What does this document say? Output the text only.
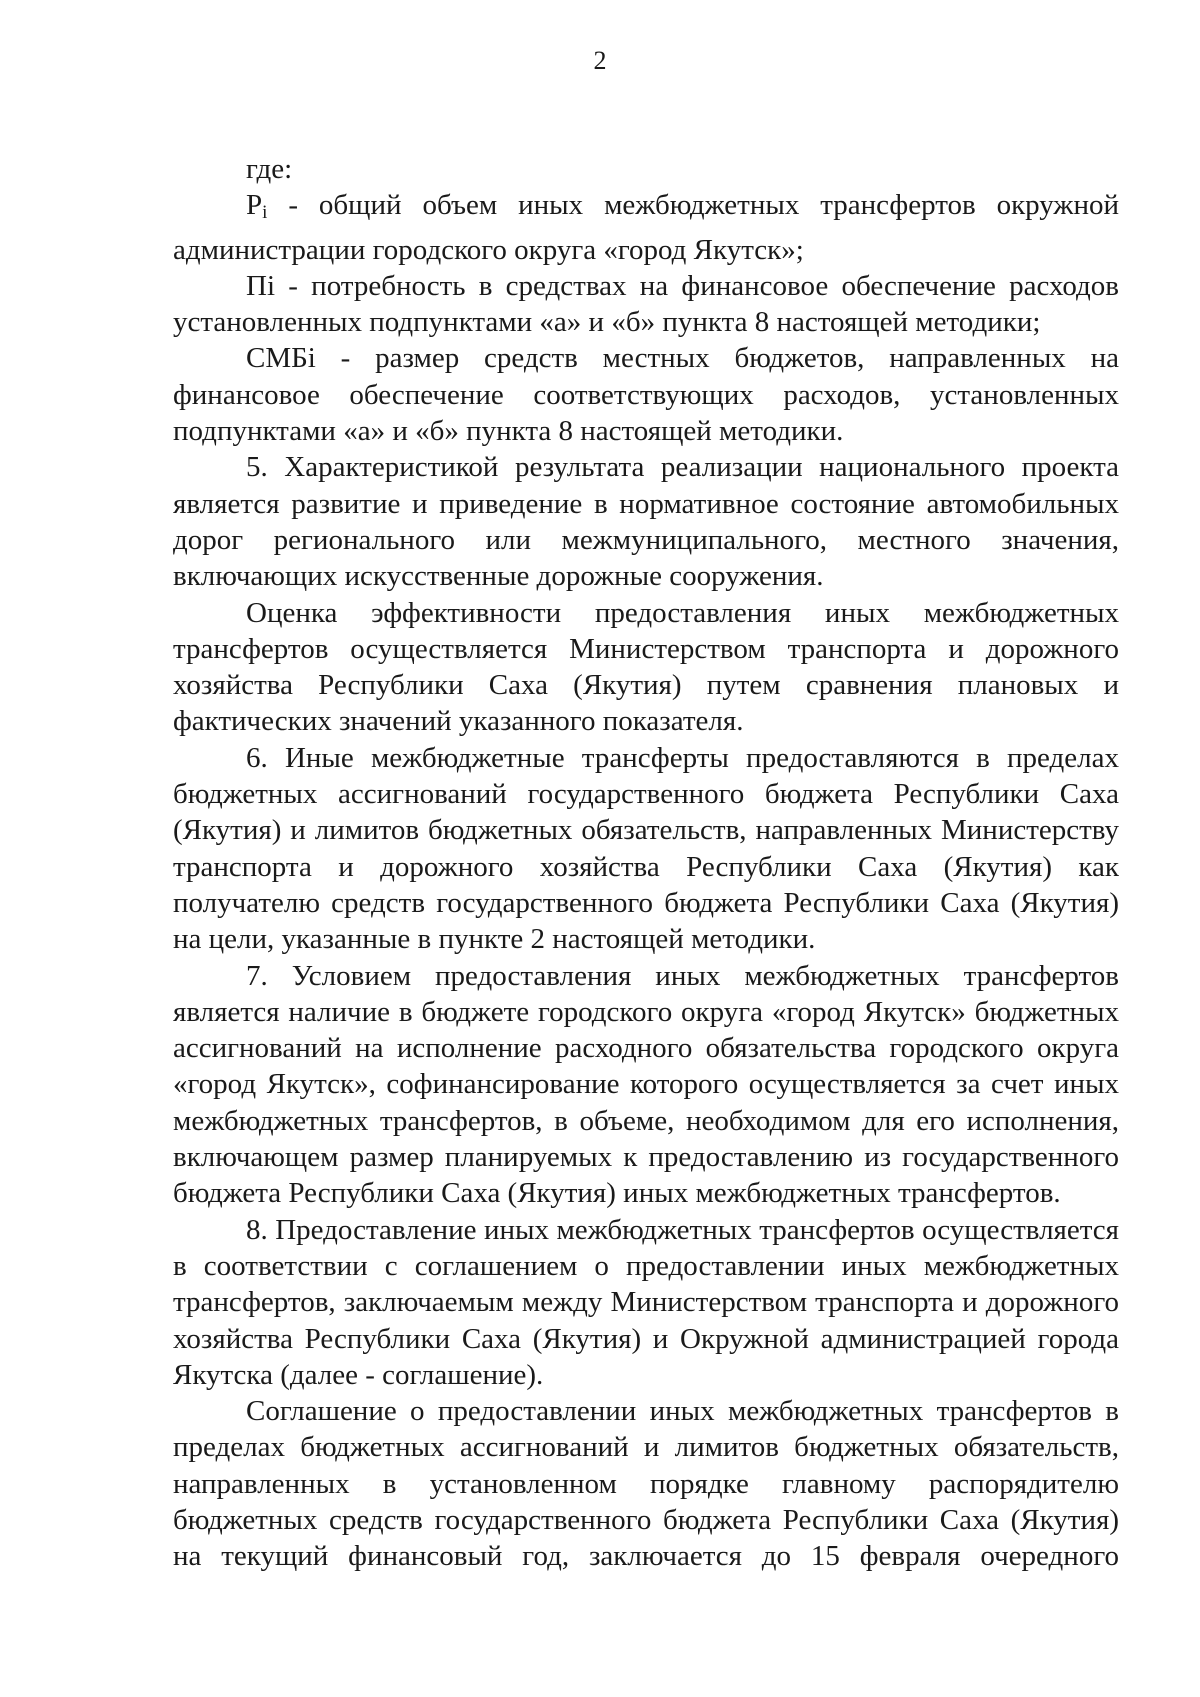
2

где:

$P_i$ - общий объем иных межбюджетных трансфертов окружной администрации городского округа «город Якутск»;

Пi - потребность в средствах на финансовое обеспечение расходов установленных подпунктами «а» и «б» пункта 8 настоящей методики;

СМБi - размер средств местных бюджетов, направленных на финансовое обеспечение соответствующих расходов, установленных подпунктами «а» и «б» пункта 8 настоящей методики.

5. Характеристикой результата реализации национального проекта является развитие и приведение в нормативное состояние автомобильных дорог регионального или межмуниципального, местного значения, включающих искусственные дорожные сооружения.

Оценка эффективности предоставления иных межбюджетных трансфертов осуществляется Министерством транспорта и дорожного хозяйства Республики Саха (Якутия) путем сравнения плановых и фактических значений указанного показателя.

6. Иные межбюджетные трансферты предоставляются в пределах бюджетных ассигнований государственного бюджета Республики Саха (Якутия) и лимитов бюджетных обязательств, направленных Министерству транспорта и дорожного хозяйства Республики Саха (Якутия) как получателю средств государственного бюджета Республики Саха (Якутия) на цели, указанные в пункте 2 настоящей методики.

7. Условием предоставления иных межбюджетных трансфертов является наличие в бюджете городского округа «город Якутск» бюджетных ассигнований на исполнение расходного обязательства городского округа «город Якутск», софинансирование которого осуществляется за счет иных межбюджетных трансфертов, в объеме, необходимом для его исполнения, включающем размер планируемых к предоставлению из государственного бюджета Республики Саха (Якутия) иных межбюджетных трансфертов.

8. Предоставление иных межбюджетных трансфертов осуществляется в соответствии с соглашением о предоставлении иных межбюджетных трансфертов, заключаемым между Министерством транспорта и дорожного хозяйства Республики Саха (Якутия) и Окружной администрацией города Якутска (далее - соглашение).

Соглашение о предоставлении иных межбюджетных трансфертов в пределах бюджетных ассигнований и лимитов бюджетных обязательств, направленных в установленном порядке главному распорядителю бюджетных средств государственного бюджета Республики Саха (Якутия) на текущий финансовый год, заключается до 15 февраля очередного
